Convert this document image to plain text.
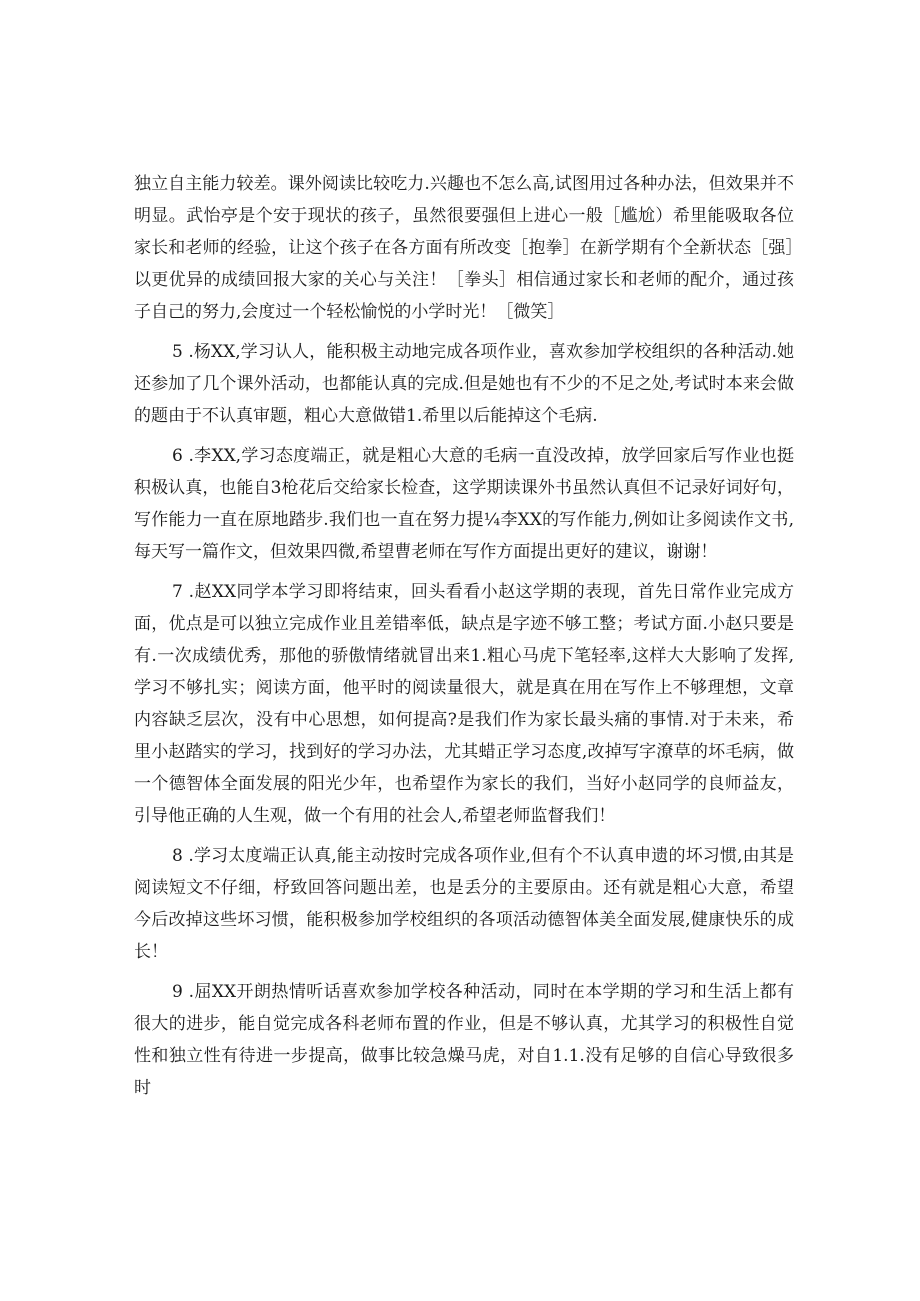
独立自主能力较差。课外阅读比较吃力.兴趣也不怎么高,试图用过各种办法，但效果并不明显。武怡亭是个安于现状的孩子，虽然很要强但上进心一般［尴尬）希里能吸取各位家长和老师的经验，让这个孩子在各方面有所改变［抱拳］在新学期有个全新状态［强］以更优异的成绩回报大家的关心与关注！［拳头］相信通过家长和老师的配介，通过孩子自己的努力,会度过一个轻松愉悦的小学时光！［微笑］

5 .杨XX,学习认人，能积极主动地完成各项作业，喜欢参加学校组织的各种活动.她还参加了几个课外活动，也都能认真的完成.但是她也有不少的不足之处,考试时本来会做的题由于不认真审题，粗心大意做错1.希里以后能掉这个毛病.

6 .李XX,学习态度端正，就是粗心大意的毛病一直没改掉，放学回家后写作业也挺积极认真，也能自3枪花后交给家长检查，这学期读课外书虽然认真但不记录好词好句，写作能力一直在原地踏步.我们也一直在努力提¼李XX的写作能力,例如让多阅读作文书,每天写一篇作文，但效果四微,希望曹老师在写作方面提出更好的建议，谢谢！

7 .赵XX同学本学习即将结束，回头看看小赵这学期的表现，首先日常作业完成方面，优点是可以独立完成作业且差错率低，缺点是字迹不够工整；考试方面.小赵只要是有.一次成绩优秀，那他的骄傲情绪就冒出来1.粗心马虎下笔轻率,这样大大影响了发挥,学习不够扎实；阅读方面，他平时的阅读量很大，就是真在用在写作上不够理想，文章内容缺乏层次，没有中心思想，如何提高?是我们作为家长最头痛的事情.对于未来，希里小赵踏实的学习，找到好的学习办法，尤其蜡正学习态度,改掉写字潦草的坏毛病，做一个德智体全面发展的阳光少年，也希望作为家长的我们，当好小赵同学的良师益友，引导他正确的人生观，做一个有用的社会人,希望老师监督我们！

8 .学习太度端正认真,能主动按时完成各项作业,但有个不认真申遗的坏习惯,由其是阅读短文不仔细，杼致回答问题出差，也是丢分的主要原由。还有就是粗心大意，希望今后改掉这些坏习惯，能积极参加学校组织的各项活动德智体美全面发展,健康快乐的成长！

9 .屈XX开朗热情听话喜欢参加学校各种活动，同时在本学期的学习和生活上都有很大的进步，能自觉完成各科老师布置的作业，但是不够认真，尤其学习的积极性自觉性和独立性有待进一步提高，做事比较急燥马虎，对自1.1.没有足够的自信心导致很多时
